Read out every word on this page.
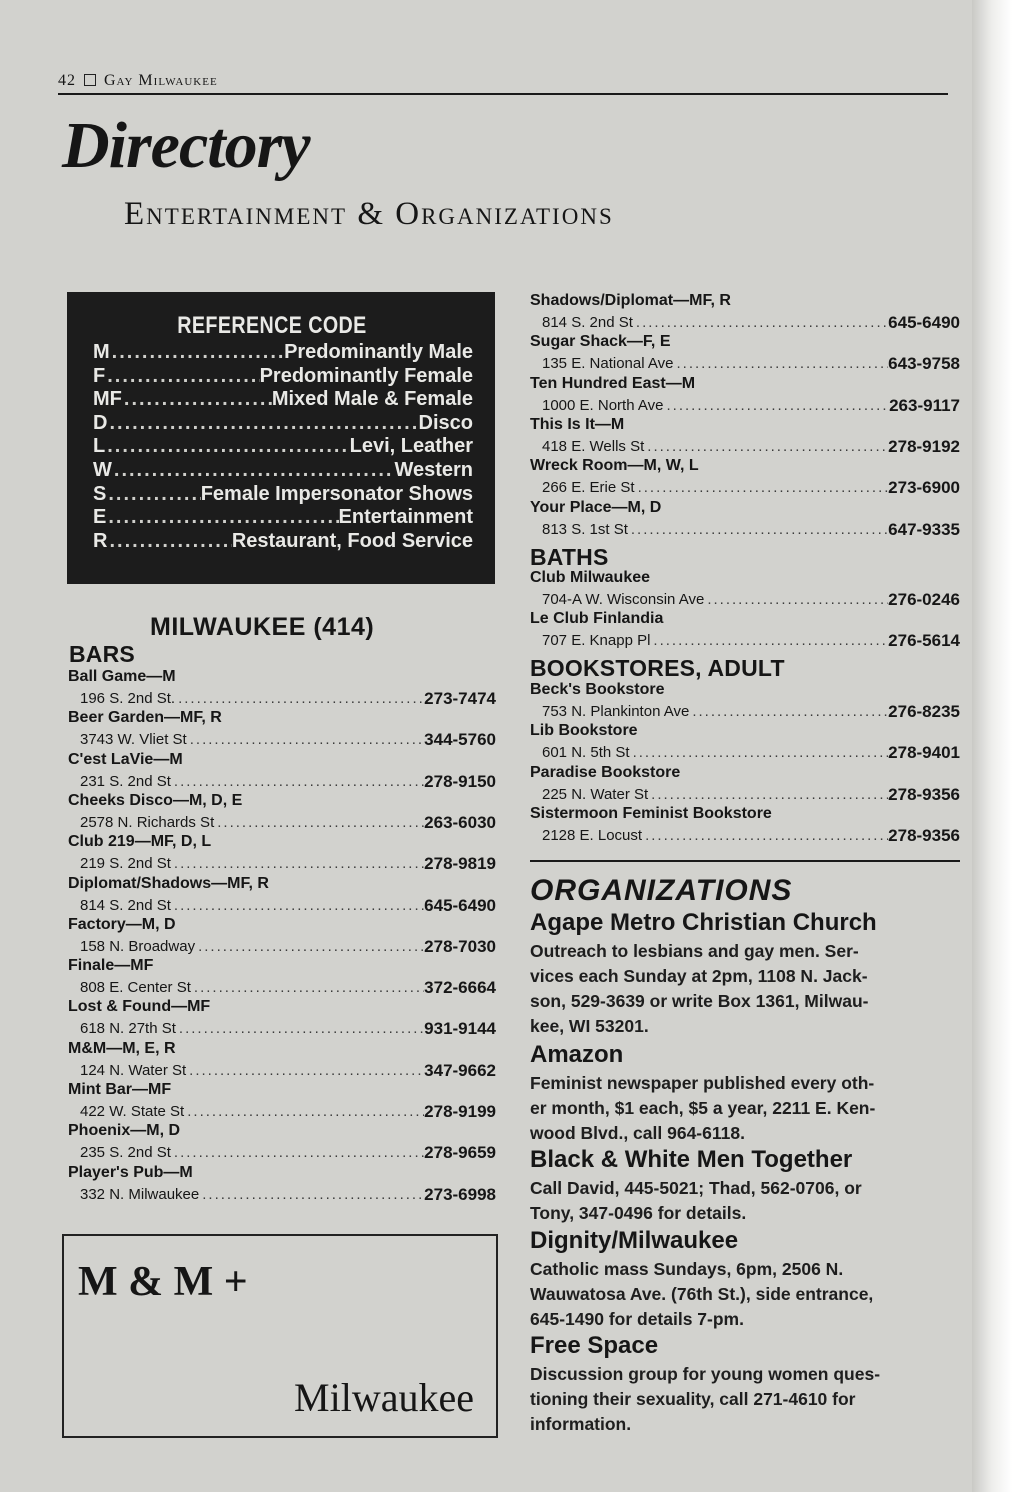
42 Gay Milwaukee
Directory
Entertainment & Organizations
REFERENCE CODE
M .....	Predominantly Male
F .....	Predominantly Female
MF .....	Mixed Male & Female
D .....	Disco
L .....	Levi, Leather
W .....	Western
S .....	Female Impersonator Shows
E .....	Entertainment
R .....	Restaurant, Food Service
MILWAUKEE (414)
BARS
M & M +
Milwaukee
BATHS
BOOKSTORES, ADULT
ORGANIZATIONS
Ball Game—M
196 S. 2nd St. .....	273-7474
Beer Garden—MF, R
3743 W. Vliet St .....	344-5760
C'est LaVie—M
231 S. 2nd St .....	278-9150
Cheeks Disco—M, D, E
2578 N. Richards St .....	263-6030
Club 219—MF, D, L
219 S. 2nd St .....	278-9819
Diplomat/Shadows—MF, R
814 S. 2nd St .....	645-6490
Factory—M, D
158 N. Broadway .....	278-7030
Finale—MF
808 E. Center St .....	372-6664
Lost & Found—MF
618 N. 27th St .....	931-9144
M&M—M, E, R
124 N. Water St .....	347-9662
Mint Bar—MF
422 W. State St .....	278-9199
Phoenix—M, D
235 S. 2nd St .....	278-9659
Player's Pub—M
332 N. Milwaukee .....	273-6998
Shadows/Diplomat—MF, R
814 S. 2nd St .....	645-6490
Sugar Shack—F, E
135 E. National Ave .....	643-9758
Ten Hundred East—M
1000 E. North Ave .....	263-9117
This Is It—M
418 E. Wells St .....	278-9192
Wreck Room—M, W, L
266 E. Erie St .....	273-6900
Your Place—M, D
813 S. 1st St .....	647-9335
Club Milwaukee
704-A W. Wisconsin Ave .....	276-0246
Le Club Finlandia
707 E. Knapp Pl .....	276-5614
Beck's Bookstore
753 N. Plankinton Ave .....	276-8235
Lib Bookstore
601 N. 5th St .....	278-9401
Paradise Bookstore
225 N. Water St .....	278-9356
Sistermoon Feminist Bookstore
2128 E. Locust .....	278-9356
Agape Metro Christian Church
Outreach to lesbians and gay men. Ser-
vices each Sunday at 2pm, 1108 N. Jack-
son, 529-3639 or write Box 1361, Milwau-
kee, WI 53201.
Amazon
Feminist newspaper published every oth-
er month, $1 each, $5 a year, 2211 E. Ken-
wood Blvd., call 964-6118.
Black & White Men Together
Call David, 445-5021; Thad, 562-0706, or
Tony, 347-0496 for details.
Dignity/Milwaukee
Catholic mass Sundays, 6pm, 2506 N.
Wauwatosa Ave. (76th St.), side entrance,
645-1490 for details 7-pm.
Free Space
Discussion group for young women ques-
tioning their sexuality, call 271-4610 for
information.
